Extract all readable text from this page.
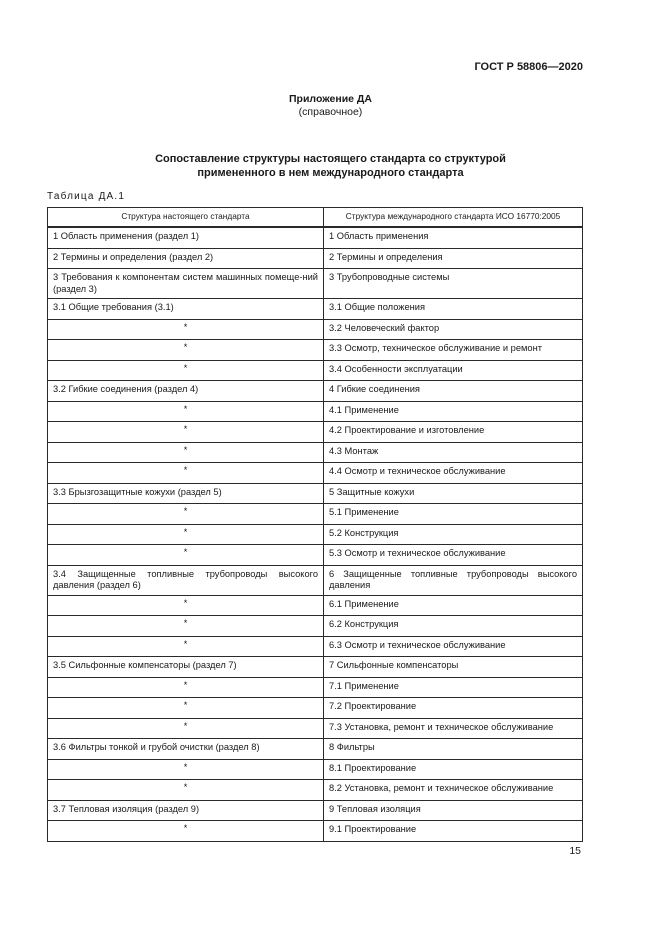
ГОСТ Р 58806—2020
Приложение ДА
(справочное)
Сопоставление структуры настоящего стандарта со структурой
примененного в нем международного стандарта
Таблица ДА.1
Структура настоящего стандарта	Структура международного стандарта ИСО 16770:2005
1 Область применения (раздел 1)	1 Область применения
2 Термины и определения (раздел 2)	2 Термины и определения
3 Требования к компонентам систем машинных помеще-ний (раздел 3)	3 Трубопроводные системы
3.1 Общие требования (3.1)	3.1 Общие положения
*	3.2 Человеческий фактор
*	3.3 Осмотр, техническое обслуживание и ремонт
*	3.4 Особенности эксплуатации
3.2 Гибкие соединения (раздел 4)	4 Гибкие соединения
*	4.1 Применение
*	4.2 Проектирование и изготовление
*	4.3 Монтаж
*	4.4 Осмотр и техническое обслуживание
3.3 Брызгозащитные кожухи (раздел 5)	5 Защитные кожухи
*	5.1 Применение
*	5.2 Конструкция
*	5.3 Осмотр и техническое обслуживание
3.4 Защищенные топливные трубопроводы высокого давления (раздел 6)	6 Защищенные топливные трубопроводы высокого давления
*	6.1 Применение
*	6.2 Конструкция
*	6.3 Осмотр и техническое обслуживание
3.5 Сильфонные компенсаторы (раздел 7)	7 Сильфонные компенсаторы
*	7.1 Применение
*	7.2 Проектирование
*	7.3 Установка, ремонт и техническое обслуживание
3.6 Фильтры тонкой и грубой очистки (раздел 8)	8 Фильтры
*	8.1 Проектирование
*	8.2 Установка, ремонт и техническое обслуживание
3.7 Тепловая изоляция (раздел 9)	9 Тепловая изоляция
*	9.1 Проектирование
15
